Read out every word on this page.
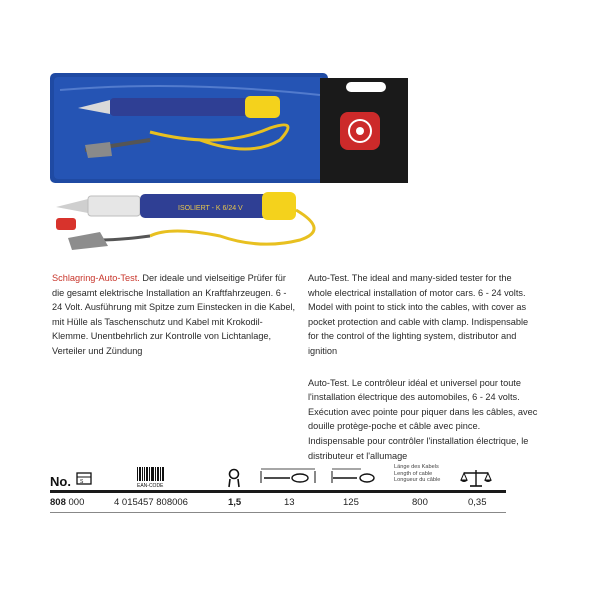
ISOLIERT - K 6/24 V

Schlagring-Auto-Test. Der ideale und vielseitige Prüfer für die gesamt elektrische Installation an Kraftfahrzeugen. 6 - 24 Volt. Ausführung mit Spitze zum Einstecken in die Kabel, mit Hülle als Taschenschutz und Kabel mit Krokodil-Klemme. Unentbehrlich zur Kontrolle von Lichtanlage, Verteiler und Zündung

Auto-Test. The ideal and many-sided tester for the whole electrical installation of motor cars. 6 - 24 volts. Model with point to stick into the cables, with cover as pocket protection and cable with clamp. Indispensable for the control of the lighting system, distributor and ignition

Auto-Test. Le contrôleur idéal et universel pour toute l'installation électrique des automobiles, 6 - 24 volts. Exécution avec pointe pour piquer dans les câbles, avec douille protège-poche et câble avec pince. Indispensable pour contrôler l'installation électrique, le distributeur et l'allumage

No. S
EAN-CODE
Länge des Kabels
Length of cable
Longueur du câble
808 000	4 015457 808006	1,5	13	125	800	0,35
